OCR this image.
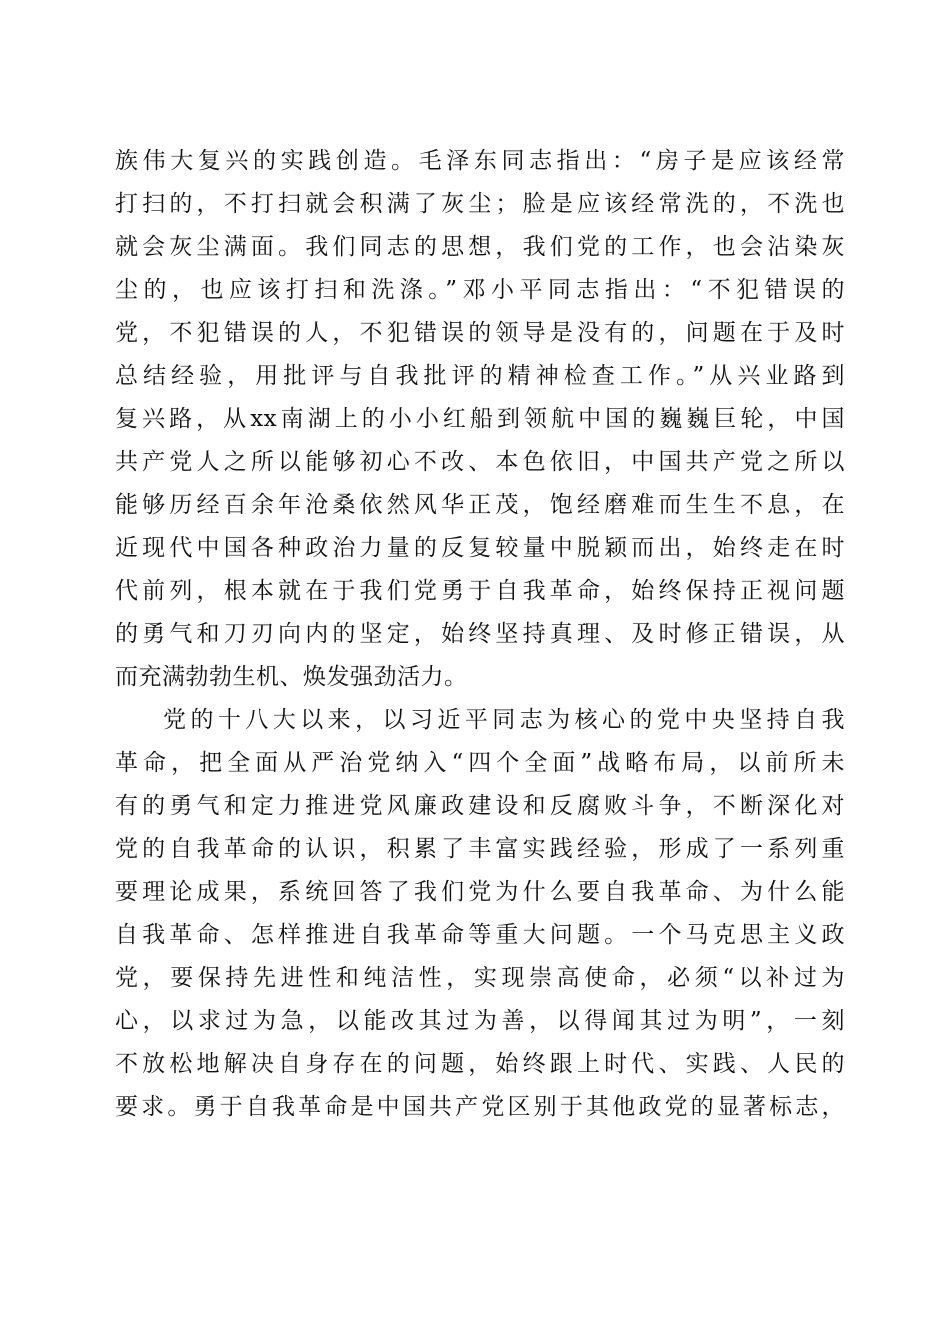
族伟大复兴的实践创造。毛泽东同志指出：“房子是应该经常
打扫的，不打扫就会积满了灰尘；脸是应该经常洗的，不洗也
就会灰尘满面。我们同志的思想，我们党的工作，也会沾染灰
尘的，也应该打扫和洗涤。”邓小平同志指出：“不犯错误的
党，不犯错误的人，不犯错误的领导是没有的，问题在于及时
总结经验，用批评与自我批评的精神检查工作。”从兴业路到
复兴路，从xx南湖上的小小红船到领航中国的巍巍巨轮，中国
共产党人之所以能够初心不改、本色依旧，中国共产党之所以
能够历经百余年沧桑依然风华正茂，饱经磨难而生生不息，在
近现代中国各种政治力量的反复较量中脱颖而出，始终走在时
代前列，根本就在于我们党勇于自我革命，始终保持正视问题
的勇气和刀刃向内的坚定，始终坚持真理、及时修正错误，从
而充满勃勃生机、焕发强劲活力。
党的十八大以来，以习近平同志为核心的党中央坚持自我
革命，把全面从严治党纳入“四个全面”战略布局，以前所未
有的勇气和定力推进党风廉政建设和反腐败斗争，不断深化对
党的自我革命的认识，积累了丰富实践经验，形成了一系列重
要理论成果，系统回答了我们党为什么要自我革命、为什么能
自我革命、怎样推进自我革命等重大问题。一个马克思主义政
党，要保持先进性和纯洁性，实现崇高使命，必须“以补过为
心，以求过为急，以能改其过为善，以得闻其过为明”，一刻
不放松地解决自身存在的问题，始终跟上时代、实践、人民的
要求。勇于自我革命是中国共产党区别于其他政党的显著标志，
